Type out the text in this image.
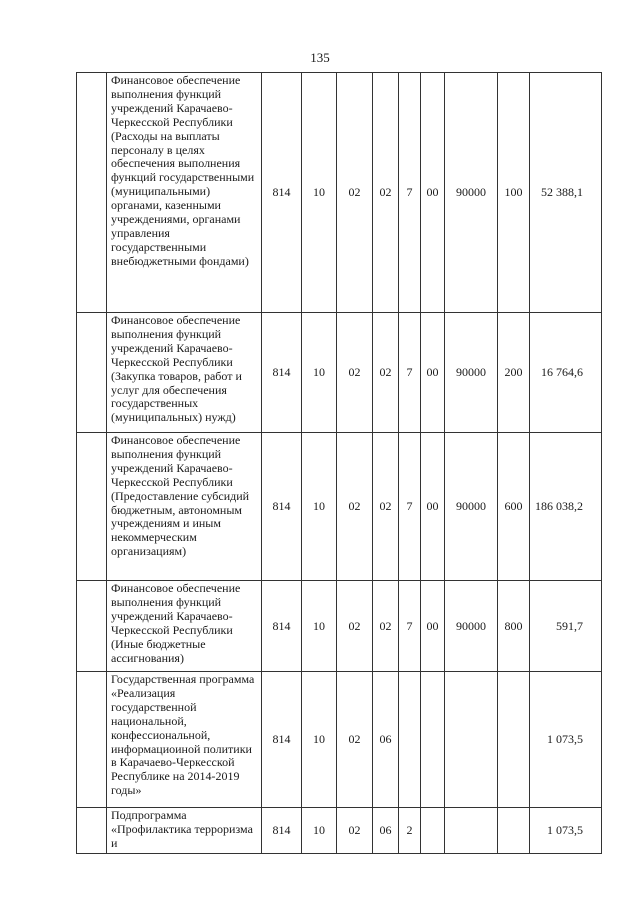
135
	Финансовое обеспечение выполнения функций учреждений Карачаево-Черкесской Республики (Расходы на выплаты персоналу в целях обеспечения выполнения функций государственными (муниципальными) органами, казенными учреждениями, органами управления государственными внебюджетными фондами)	814	10	02	02	7	00	90000	100	52 388,1
	Финансовое обеспечение выполнения функций учреждений Карачаево-Черкесской Республики (Закупка товаров, работ и услуг для обеспечения государственных (муниципальных) нужд)	814	10	02	02	7	00	90000	200	16 764,6
	Финансовое обеспечение выполнения функций учреждений Карачаево-Черкесской Республики (Предоставление субсидий бюджетным, автономным учреждениям и иным некоммерческим организациям)	814	10	02	02	7	00	90000	600	186 038,2
	Финансовое обеспечение выполнения функций учреждений Карачаево-Черкесской Республики (Иные бюджетные ассигнования)	814	10	02	02	7	00	90000	800	591,7
	Государственная программа «Реализация государственной национальной, конфессиональной, информациоиной политики в Карачаево-Черкесской Республике на 2014-2019 годы»	814	10	02	06					1 073,5
	Подпрограмма «Профилактика терроризма и	814	10	02	06	2				1 073,5
